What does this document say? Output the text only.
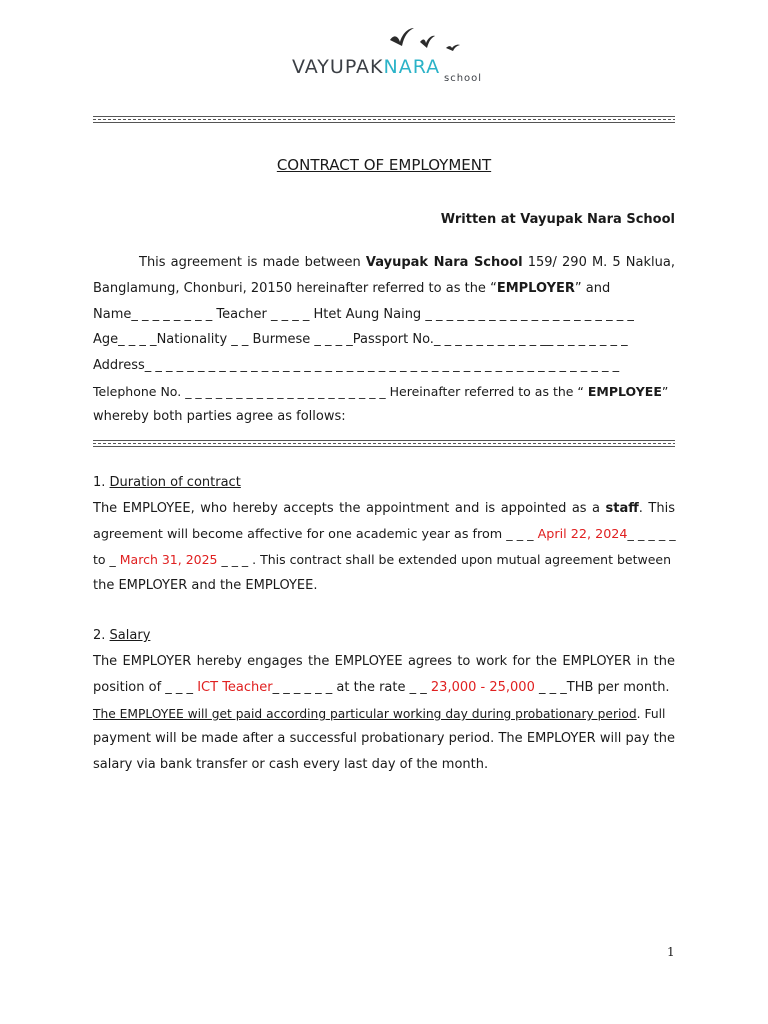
VAYUPAKNARA
school
CONTRACT OF EMPLOYMENT
Written at Vayupak Nara School
This agreement is made between Vayupak Nara School 159/ 290 M. 5 Naklua,
Banglamung, Chonburi, 20150 hereinafter referred to as the “EMPLOYER” and
Name_ _ _ _ _ _ _ _ Teacher _ _ _ _ Htet Aung Naing _ _ _ _ _ _ _ _ _ _ _ _ _ _ _ _ _ _ _ _
Age_ _ _ _Nationality _ _ Burmese _ _ _ _Passport No._ _ _ _ _ _ _ _ _ _ __ _ _ _ _ _ _ _
Address_ _ _ _ _ _ _ _ _ _ _ _ _ _ _ _ _ _ _ _ _ _ _ _ _ _ _ _ _ _ _ _ _ _ _ _ _ _ _ _ _ _ _ _ _
Telephone No. _ _ _ _ _ _ _ _ _ _ _ _ _ _ _ _ _ _ _ _ Hereinafter referred to as the “ EMPLOYEE”
whereby both parties agree as follows:
1. Duration of contract
The EMPLOYEE, who hereby accepts the appointment and is appointed as a staff. This
agreement will become affective for one academic year as from _ _ _ April 22, 2024_ _ _ _ _
to _ March 31, 2025 _ _ _ . This contract shall be extended upon mutual agreement between
the EMPLOYER and the EMPLOYEE.
2. Salary
The EMPLOYER hereby engages the EMPLOYEE agrees to work for the EMPLOYER in the
position of _ _ _ ICT Teacher_ _ _ _ _ _ at the rate _ _ 23,000 - 25,000 _ _ _THB per month.
The EMPLOYEE will get paid according particular working day during probationary period. Full
payment will be made after a successful probationary period. The EMPLOYER will pay the
salary via bank transfer or cash every last day of the month.
1
